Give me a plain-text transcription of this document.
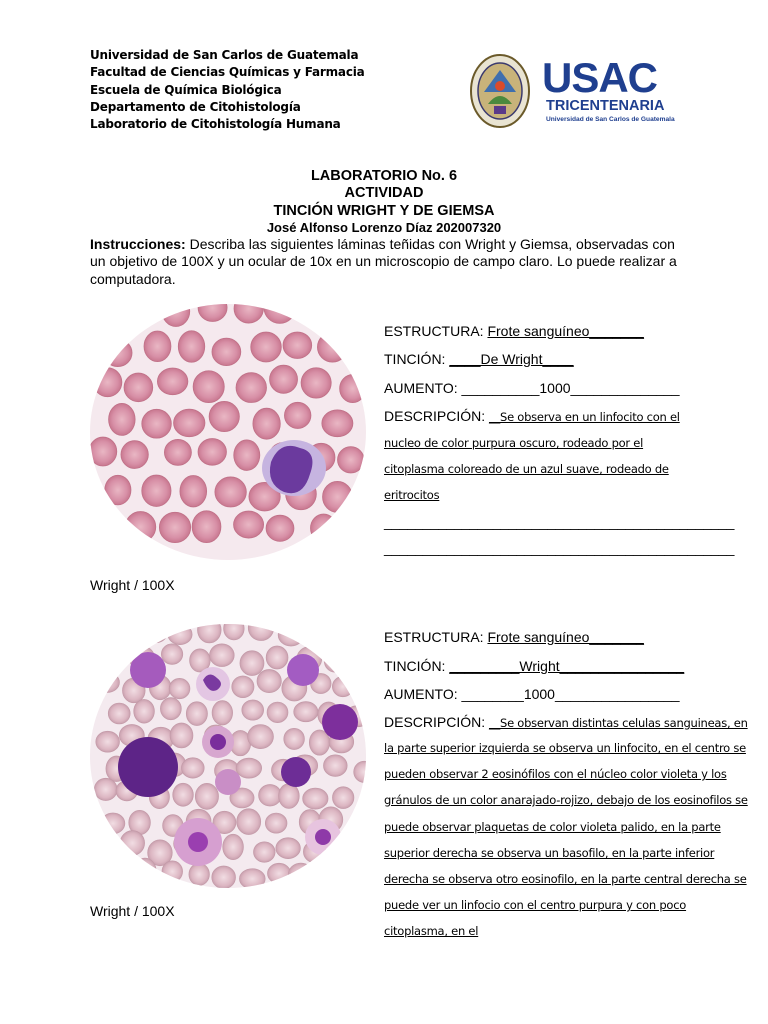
Universidad de San Carlos de Guatemala
Facultad de Ciencias Químicas y Farmacia
Escuela de Química Biológica
Departamento de Citohistología
Laboratorio de Citohistología Humana
USAC
TRICENTENARIA
Universidad de San Carlos de Guatemala
LABORATORIO No. 6
ACTIVIDAD
TINCIÓN WRIGHT Y DE GIEMSA
José Alfonso Lorenzo Díaz 202007320
Instrucciones: Describa las siguientes láminas teñidas con Wright y Giemsa, observadas con un objetivo de 100X y un ocular de 10x en un microscopio de campo claro. Lo puede realizar a computadora.
Wright / 100X
ESTRUCTURA: Frote sanguíneo_______
TINCIÓN: ____De Wright____
AUMENTO: __________1000______________
DESCRIPCIÓN: __Se observa en un linfocito con el
nucleo de color purpura oscuro, rodeado por el
citoplasma coloreado de un azul suave, rodeado de
eritrocitos
_____________________________________________
_____________________________________________
Wright / 100X
ESTRUCTURA: Frote sanguíneo_______
TINCIÓN: _________Wright________________
AUMENTO: ________1000________________
DESCRIPCIÓN: __Se observan distintas celulas sanguineas, en
la parte superior izquierda se observa un linfocito, en el centro se
pueden observar 2 eosinófilos con el núcleo color violeta y los
gránulos de un color anarajado-rojizo, debajo de los eosinofilos se
puede observar plaquetas de color violeta palido, en la parte
superior derecha se observa un basofilo, en la parte inferior
derecha se observa otro eosinofilo, en la parte central derecha se
puede ver un linfocio con el centro purpura y con poco
citoplasma, en el
